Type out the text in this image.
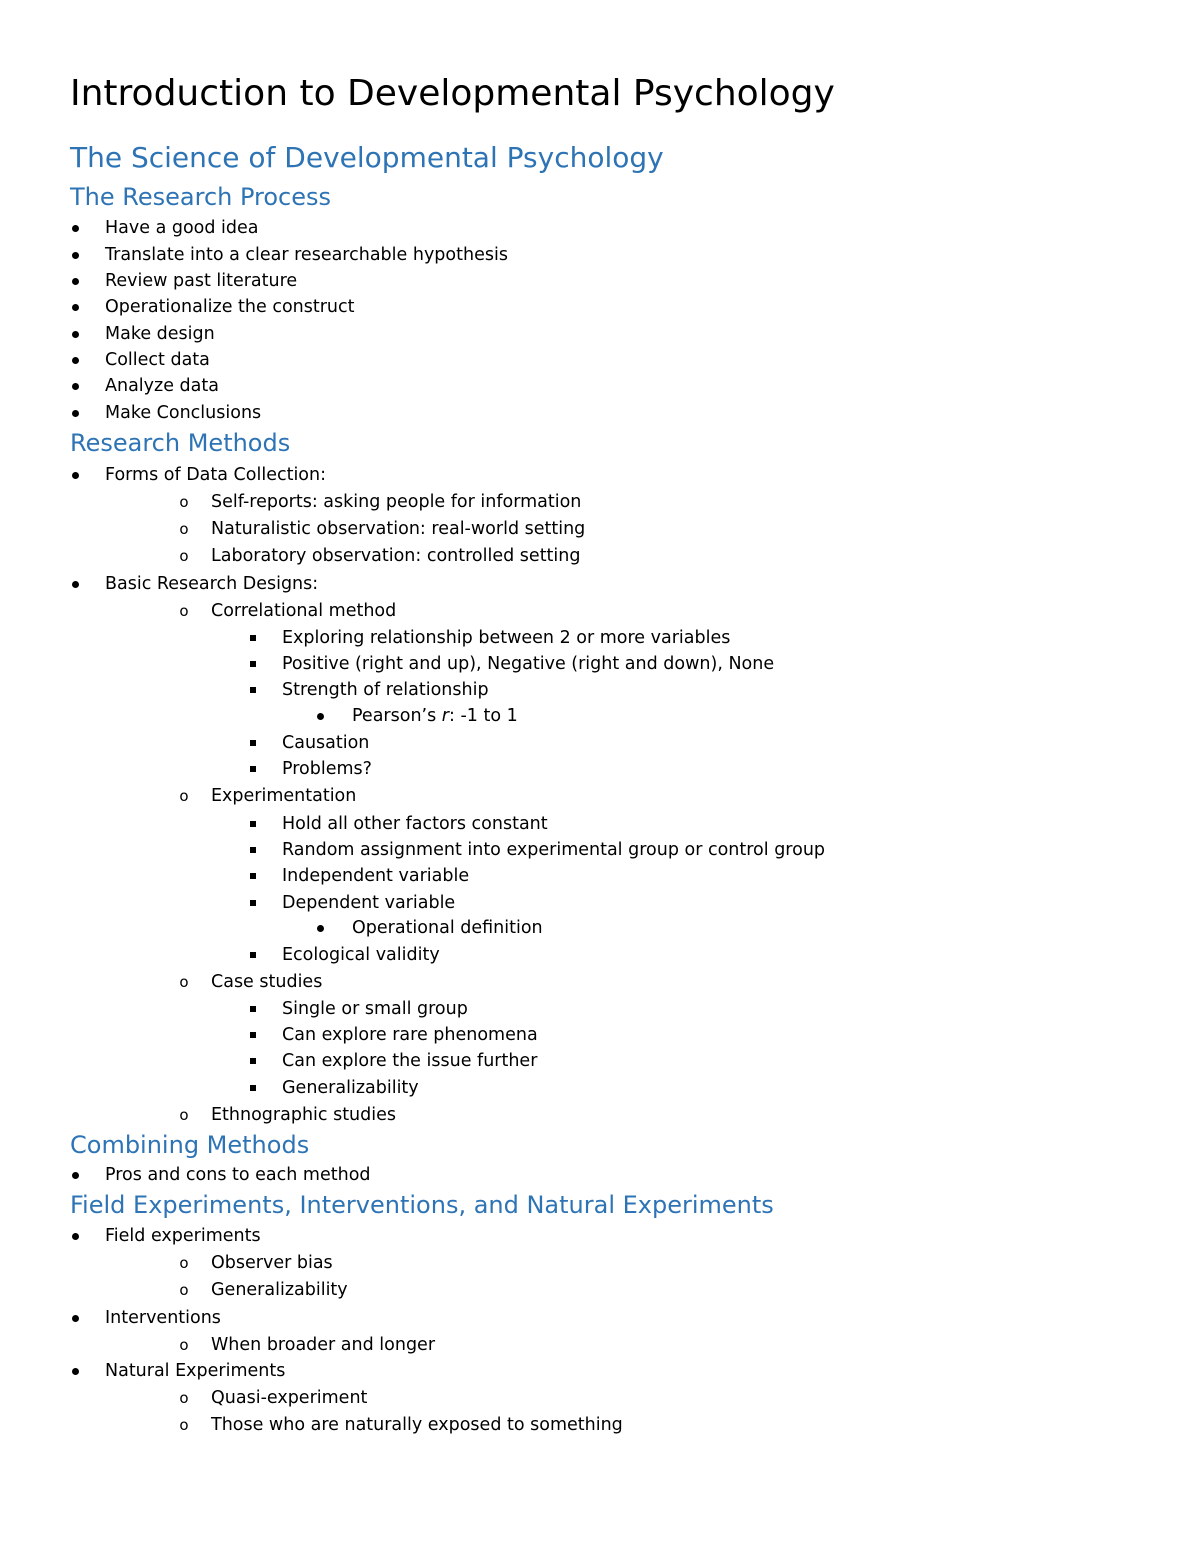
Introduction to Developmental Psychology
The Science of Developmental Psychology
The Research Process
Have a good idea
Translate into a clear researchable hypothesis
Review past literature
Operationalize the construct
Make design
Collect data
Analyze data
Make Conclusions
Research Methods
Forms of Data Collection:
o Self-reports: asking people for information
o Naturalistic observation: real-world setting
o Laboratory observation: controlled setting
Basic Research Designs:
o Correlational method
Exploring relationship between 2 or more variables
Positive (right and up), Negative (right and down), None
Strength of relationship
Pearson’s r: -1 to 1
Causation
Problems?
o Experimentation
Hold all other factors constant
Random assignment into experimental group or control group
Independent variable
Dependent variable
Operational definition
Ecological validity
o Case studies
Single or small group
Can explore rare phenomena
Can explore the issue further
Generalizability
o Ethnographic studies
Combining Methods
Pros and cons to each method
Field Experiments, Interventions, and Natural Experiments
Field experiments
o Observer bias
o Generalizability
Interventions
o When broader and longer
Natural Experiments
o Quasi-experiment
o Those who are naturally exposed to something
